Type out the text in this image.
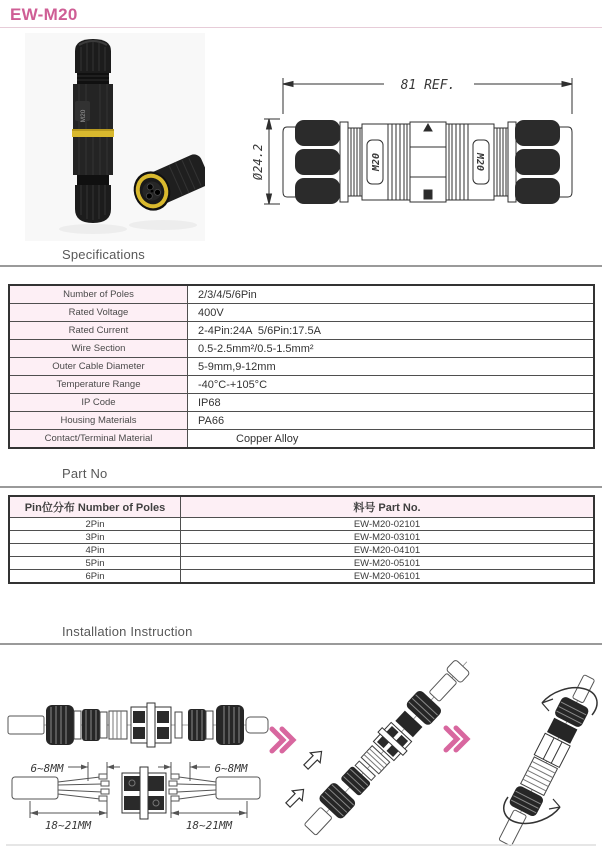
EW-M20
M20
81 REF.
Ø24.2	M20	M20
Specifications
Number of Poles	2/3/4/5/6Pin
Rated Voltage	400V
Rated Current	2-4Pin:24A  5/6Pin:17.5A
Wire Section	0.5-2.5mm²/0.5-1.5mm²
Outer Cable Diameter	5-9mm,9-12mm
Temperature Range	-40°C-+105°C
IP Code	IP68
Housing Materials	PA66
Contact/Terminal Material	Copper Alloy
Part No
Pin位分布 Number of Poles	料号 Part No.
2Pin	EW-M20-02101
3Pin	EW-M20-03101
4Pin	EW-M20-04101
5Pin	EW-M20-05101
6Pin	EW-M20-06101
Installation Instruction
6~8MM
18~21MM
6~8MM
18~21MM
